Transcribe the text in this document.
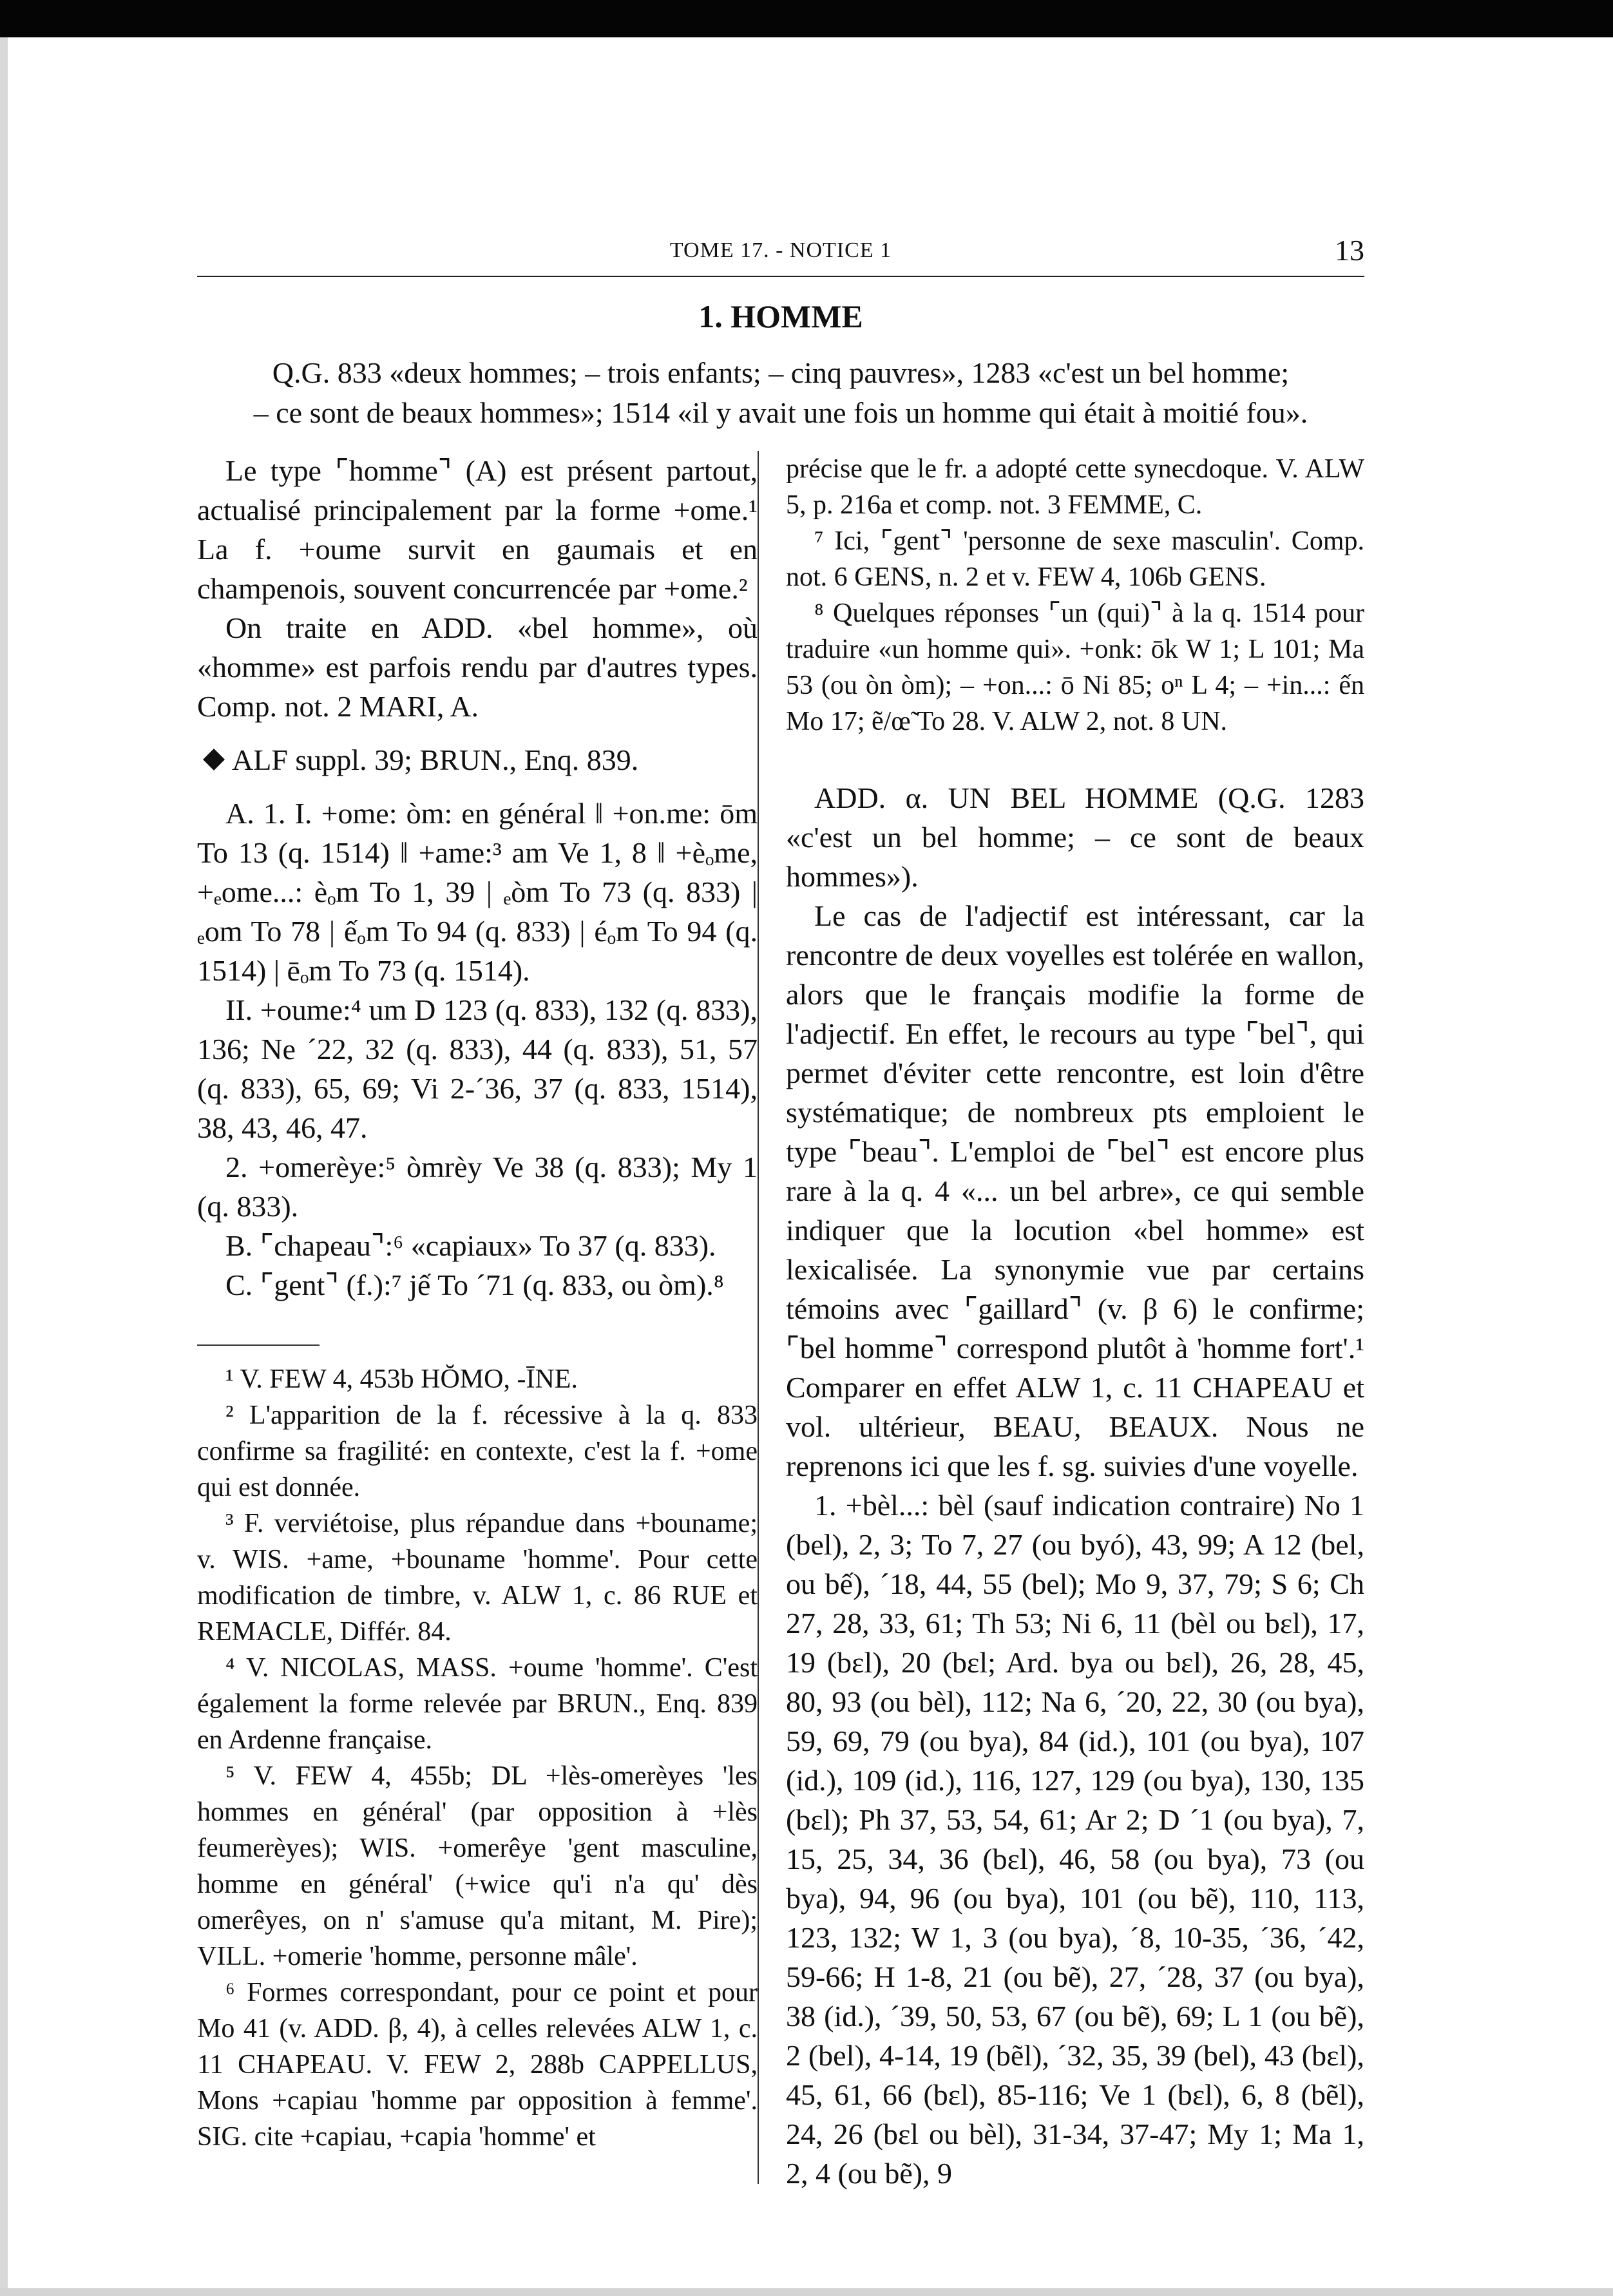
TOME 17. - NOTICE 1	13
1. HOMME

Q.G. 833 «deux hommes; – trois enfants; – cinq pauvres», 1283 «c'est un bel homme;

– ce sont de beaux hommes»; 1514 «il y avait une fois un homme qui était à moitié fou».

Le type ⌜homme⌝ (A) est présent partout, actualisé principalement par la forme +ome.¹ La f. +oume survit en gaumais et en champenois, souvent concurrencée par +ome.²

On traite en ADD. «bel homme», où «homme» est parfois rendu par d'autres types. Comp. not. 2 MARI, A.

ALF suppl. 39; BRUN., Enq. 839.

A. 1. I. +ome: òm: en général ǁ +on.me: ōm To 13 (q. 1514) ǁ +ame:³ am Ve 1, 8 ǁ +èₒme, +ₑome...: èₒm To 1, 39 | ₑòm To 73 (q. 833) | ₑom To 78 | ếₒm To 94 (q. 833) | éₒm To 94 (q. 1514) | ēₒm To 73 (q. 1514).

II. +oume:⁴ um D 123 (q. 833), 132 (q. 833), 136; Ne ´22, 32 (q. 833), 44 (q. 833), 51, 57 (q. 833), 65, 69; Vi 2-´36, 37 (q. 833, 1514), 38, 43, 46, 47.

2. +omerèye:⁵ òmrèy Ve 38 (q. 833); My 1 (q. 833).

B. ⌜chapeau⌝:⁶ «capiaux» To 37 (q. 833).

C. ⌜gent⌝ (f.):⁷ jế To ´71 (q. 833, ou òm).⁸

¹ V. FEW 4, 453b HŎMO, -ĪNE.

² L'apparition de la f. récessive à la q. 833 confirme sa fragilité: en contexte, c'est la f. +ome qui est donnée.

³ F. verviétoise, plus répandue dans +bouname; v. WIS. +ame, +bouname 'homme'. Pour cette modification de timbre, v. ALW 1, c. 86 RUE et REMACLE, Différ. 84.

⁴ V. NICOLAS, MASS. +oume 'homme'. C'est également la forme relevée par BRUN., Enq. 839 en Ardenne française.

⁵ V. FEW 4, 455b; DL +lès-omerèyes 'les hommes en général' (par opposition à +lès feumerèyes); WIS. +omerêye 'gent masculine, homme en général' (+wice qu'i n'a qu' dès omerêyes, on n' s'amuse qu'a mitant, M. Pire); VILL. +omerie 'homme, personne mâle'.

⁶ Formes correspondant, pour ce point et pour Mo 41 (v. ADD. β, 4), à celles relevées ALW 1, c. 11 CHAPEAU. V. FEW 2, 288b CAPPELLUS, Mons +capiau 'homme par opposition à femme'. SIG. cite +capiau, +capia 'homme' et

précise que le fr. a adopté cette synecdoque. V. ALW 5, p. 216a et comp. not. 3 FEMME, C.

⁷ Ici, ⌜gent⌝ 'personne de sexe masculin'. Comp. not. 6 GENS, n. 2 et v. FEW 4, 106b GENS.

⁸ Quelques réponses ⌜un (qui)⌝ à la q. 1514 pour traduire «un homme qui». +onk: ōk W 1; L 101; Ma 53 (ou òn òm); – +on...: ō Ni 85; oⁿ L 4; – +in...: ến Mo 17; ẽ/œ̃ To 28. V. ALW 2, not. 8 UN.

ADD. α. UN BEL HOMME (Q.G. 1283 «c'est un bel homme; – ce sont de beaux hommes»).

Le cas de l'adjectif est intéressant, car la rencontre de deux voyelles est tolérée en wallon, alors que le français modifie la forme de l'adjectif. En effet, le recours au type ⌜bel⌝, qui permet d'éviter cette rencontre, est loin d'être systématique; de nombreux pts emploient le type ⌜beau⌝. L'emploi de ⌜bel⌝ est encore plus rare à la q. 4 «... un bel arbre», ce qui semble indiquer que la locution «bel homme» est lexicalisée. La synonymie vue par certains témoins avec ⌜gaillard⌝ (v. β 6) le confirme; ⌜bel homme⌝ correspond plutôt à 'homme fort'.¹ Comparer en effet ALW 1, c. 11 CHAPEAU et vol. ultérieur, BEAU, BEAUX. Nous ne reprenons ici que les f. sg. suivies d'une voyelle.

1. +bèl...: bèl (sauf indication contraire) No 1 (bel), 2, 3; To 7, 27 (ou byó), 43, 99; A 12 (bel, ou bế), ´18, 44, 55 (bel); Mo 9, 37, 79; S 6; Ch 27, 28, 33, 61; Th 53; Ni 6, 11 (bèl ou bɛl), 17, 19 (bɛl), 20 (bɛl; Ard. bya ou bɛl), 26, 28, 45, 80, 93 (ou bèl), 112; Na 6, ´20, 22, 30 (ou bya), 59, 69, 79 (ou bya), 84 (id.), 101 (ou bya), 107 (id.), 109 (id.), 116, 127, 129 (ou bya), 130, 135 (bɛl); Ph 37, 53, 54, 61; Ar 2; D ´1 (ou bya), 7, 15, 25, 34, 36 (bɛl), 46, 58 (ou bya), 73 (ou bya), 94, 96 (ou bya), 101 (ou bẽ), 110, 113, 123, 132; W 1, 3 (ou bya), ´8, 10-35, ´36, ´42, 59-66; H 1-8, 21 (ou bẽ), 27, ´28, 37 (ou bya), 38 (id.), ´39, 50, 53, 67 (ou bẽ), 69; L 1 (ou bẽ), 2 (bel), 4-14, 19 (bẽl), ´32, 35, 39 (bel), 43 (bɛl), 45, 61, 66 (bɛl), 85-116; Ve 1 (bɛl), 6, 8 (bẽl), 24, 26 (bɛl ou bèl), 31-34, 37-47; My 1; Ma 1, 2, 4 (ou bẽ), 9
